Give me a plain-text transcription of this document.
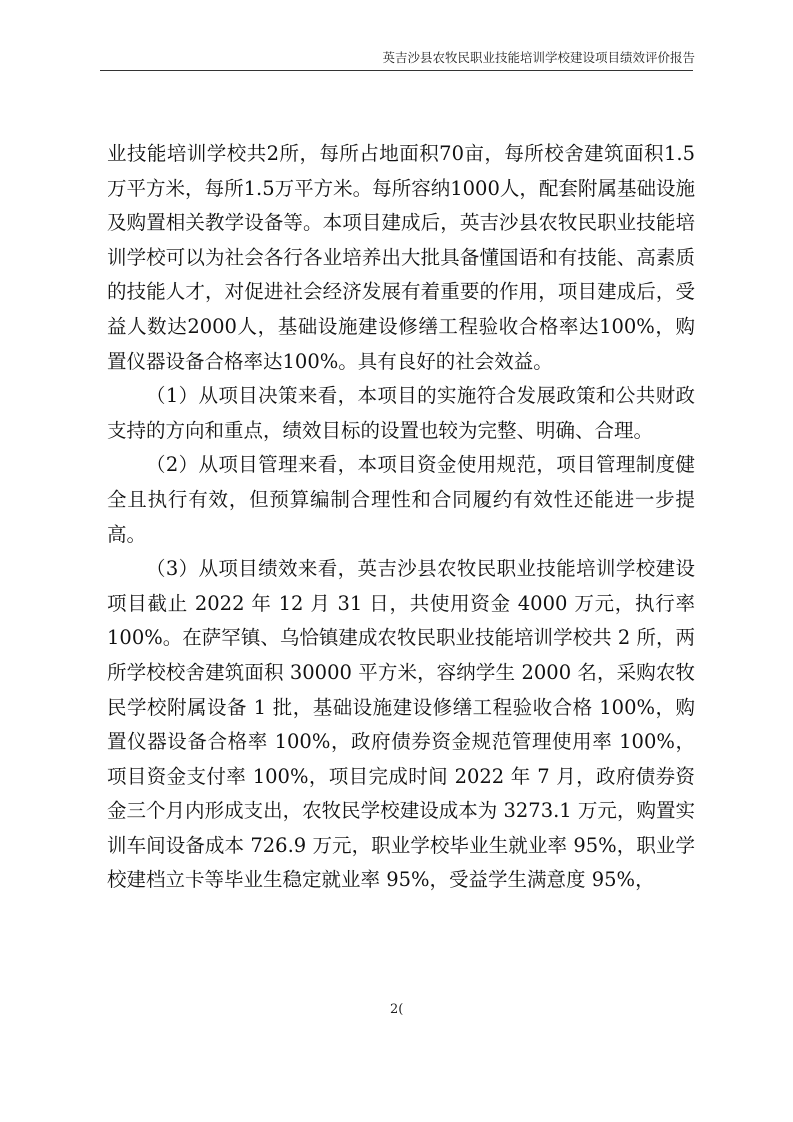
英吉沙县农牧民职业技能培训学校建设项目绩效评价报告

业技能培训学校共2所，每所占地面积70亩，每所校舍建筑面积1.5万平方米，每所1.5万平方米。每所容纳1000人，配套附属基础设施及购置相关教学设备等。本项目建成后，英吉沙县农牧民职业技能培训学校可以为社会各行各业培养出大批具备懂国语和有技能、高素质的技能人才，对促进社会经济发展有着重要的作用，项目建成后，受益人数达2000人，基础设施建设修缮工程验收合格率达100%，购置仪器设备合格率达100%。具有良好的社会效益。

（1）从项目决策来看，本项目的实施符合发展政策和公共财政支持的方向和重点，绩效目标的设置也较为完整、明确、合理。

（2）从项目管理来看，本项目资金使用规范，项目管理制度健全且执行有效，但预算编制合理性和合同履约有效性还能进一步提高。

（3）从项目绩效来看，英吉沙县农牧民职业技能培训学校建设项目截止 2022 年 12 月 31 日，共使用资金 4000 万元，执行率 100%。在萨罕镇、乌恰镇建成农牧民职业技能培训学校共 2 所，两所学校校舍建筑面积 30000 平方米，容纳学生 2000 名，采购农牧民学校附属设备 1 批，基础设施建设修缮工程验收合格 100%，购置仪器设备合格率 100%，政府债券资金规范管理使用率 100%，项目资金支付率 100%，项目完成时间 2022 年 7 月，政府债券资金三个月内形成支出，农牧民学校建设成本为 3273.1 万元，购置实训车间设备成本 726.9 万元，职业学校毕业生就业率 95%，职业学校建档立卡等毕业生稳定就业率 95%，受益学生满意度 95%，

2(
